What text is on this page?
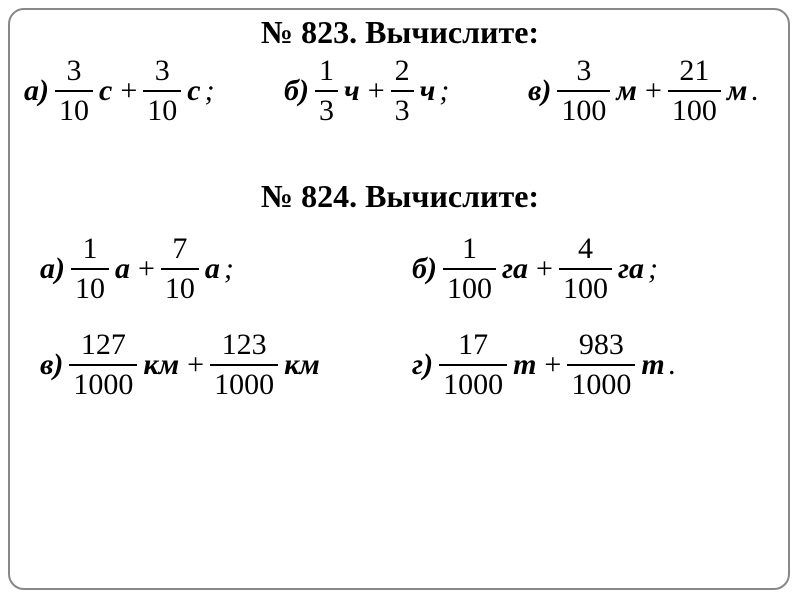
№ 823. Вычислите:
№ 824. Вычислите:
$а) \frac{3}{10}$ $с + \frac{3}{10}$ с ; $б) \frac{1}{3}$ $ч + \frac{2}{3}$ ч ;	$в) \frac{3}{100}$ $м + \frac{21}{100}$ м .
$а) \frac{1}{10}$ $а + \frac{7}{10}$ а ;	$б) \frac{1}{100}$ га + $\frac{4}{100}$ га ;
$в) \frac{127}{1000}$ км + $\frac{123}{1000}$ км	$г) \frac{17}{1000}$ $т + \frac{983}{1000}$ т .
